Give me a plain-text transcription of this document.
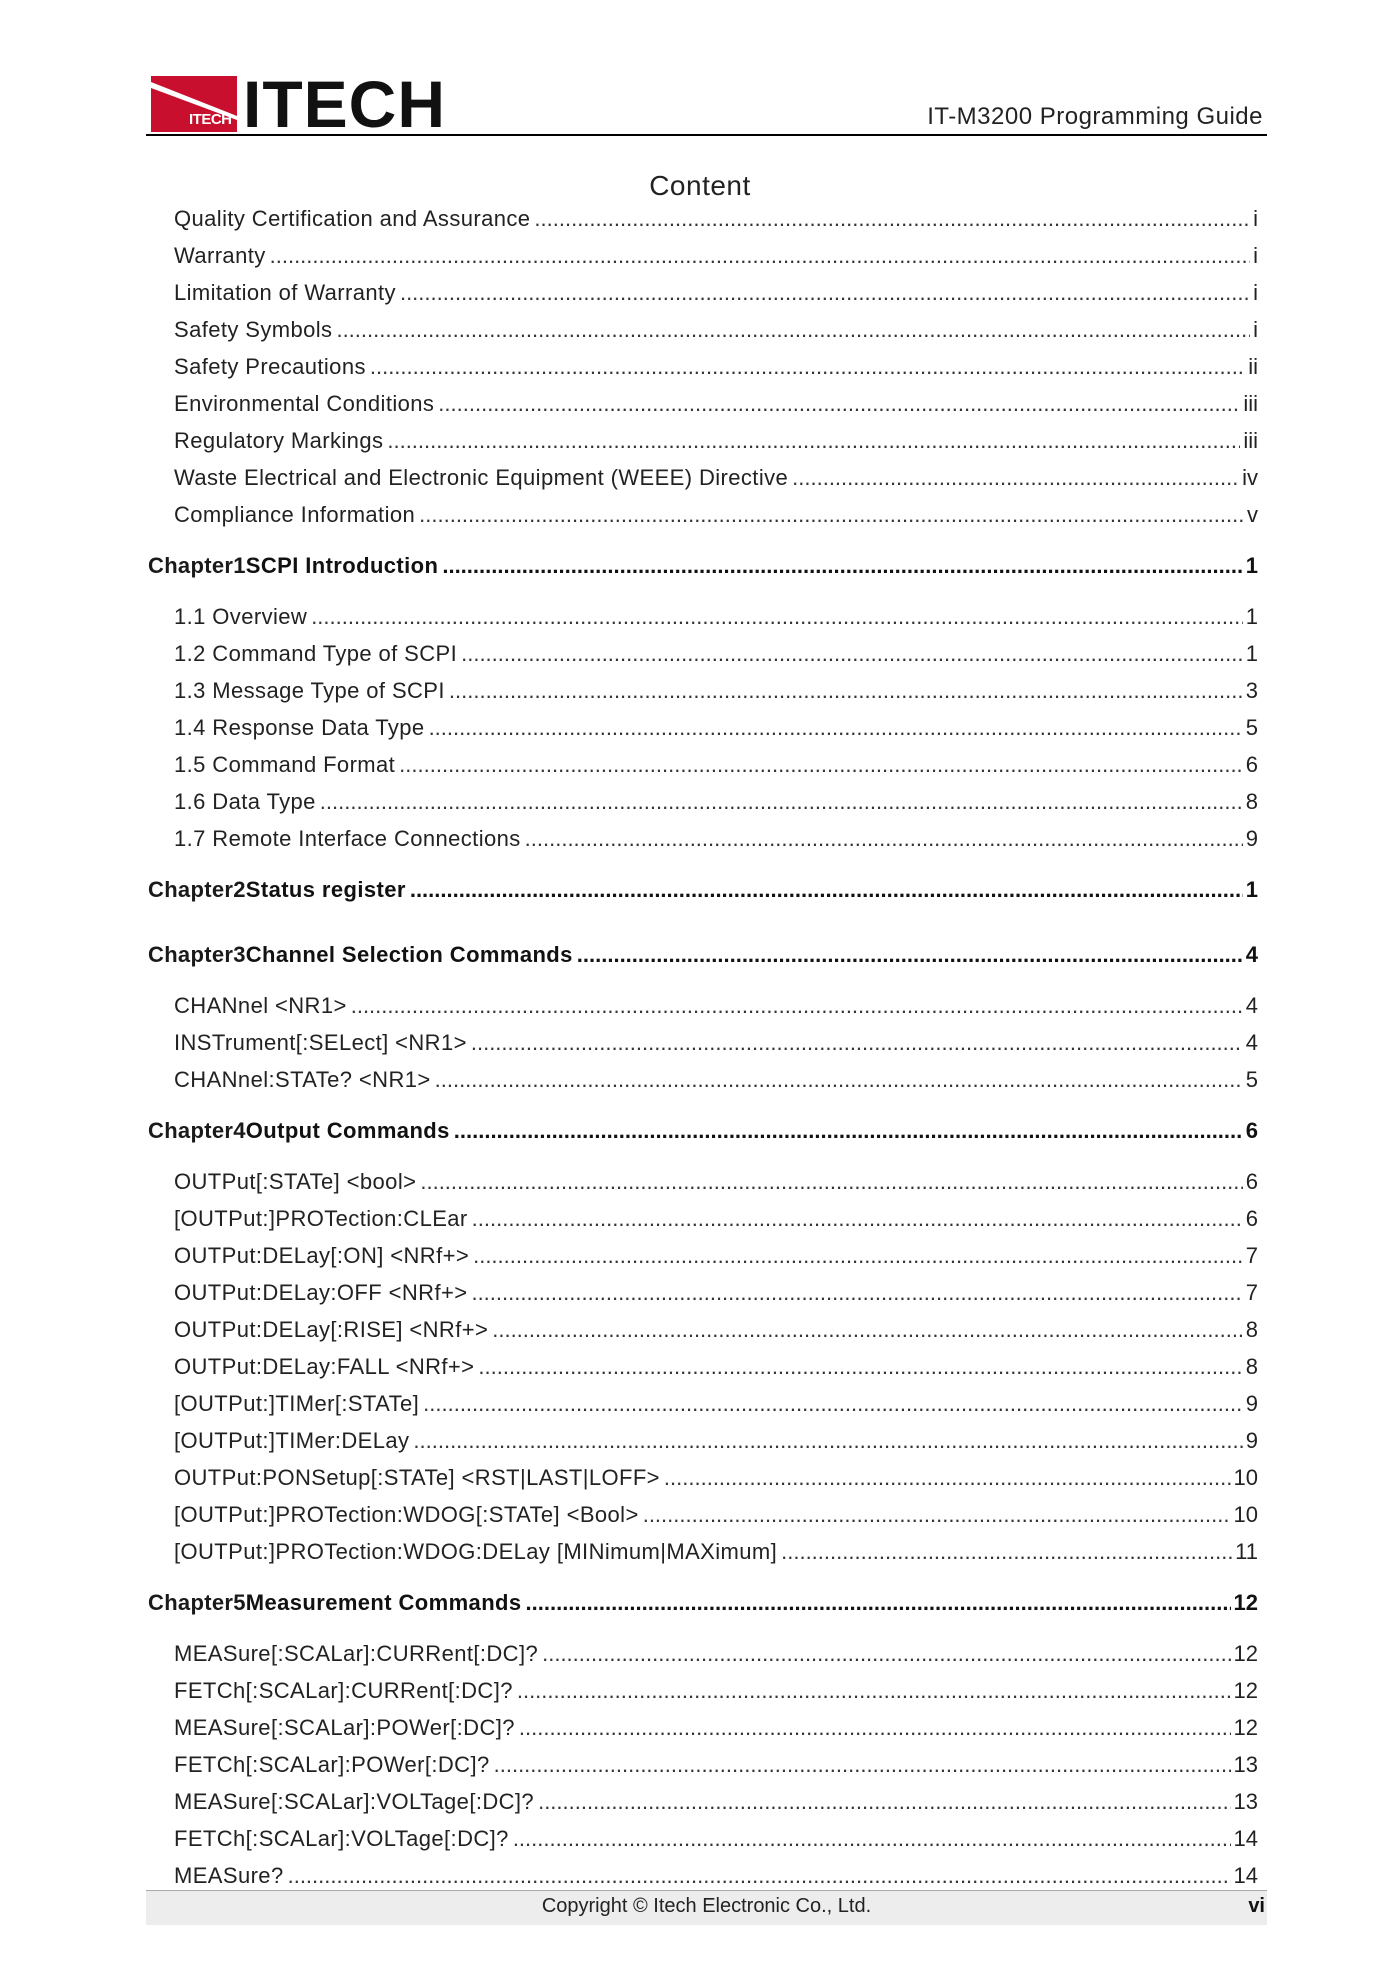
ITECH ITECH	IT-M3200 Programming Guide
Content
Quality Certification and Assurance .....	i
Warranty .....	i
Limitation of Warranty .....	i
Safety Symbols .....	i
Safety Precautions .....	ii
Environmental Conditions .....	iii
Regulatory Markings .....	iii
Waste Electrical and Electronic Equipment (WEEE) Directive .....	iv
Compliance Information .....	v
Chapter1 SCPI Introduction .....	1
1.1 Overview .....	1
1.2 Command Type of SCPI .....	1
1.3 Message Type of SCPI .....	3
1.4 Response Data Type .....	5
1.5 Command Format .....	6
1.6 Data Type .....	8
1.7 Remote Interface Connections .....	9
Chapter2 Status register .....	1
Chapter3 Channel Selection Commands .....	4
CHANnel <NR1> .....	4
INSTrument[:SELect] <NR1> .....	4
CHANnel:STATe? <NR1> .....	5
Chapter4 Output Commands .....	6
OUTPut[:STATe] <bool> .....	6
[OUTPut:]PROTection:CLEar .....	6
OUTPut:DELay[:ON] <NRf+> .....	7
OUTPut:DELay:OFF <NRf+> .....	7
OUTPut:DELay[:RISE] <NRf+> .....	8
OUTPut:DELay:FALL <NRf+> .....	8
[OUTPut:]TIMer[:STATe] .....	9
[OUTPut:]TIMer:DELay .....	9
OUTPut:PONSetup[:STATe] <RST|LAST|LOFF> .....	10
[OUTPut:]PROTection:WDOG[:STATe] <Bool> .....	10
[OUTPut:]PROTection:WDOG:DELay [MINimum|MAXimum] .....	11
Chapter5 Measurement Commands .....	12
MEASure[:SCALar]:CURRent[:DC]? .....	12
FETCh[:SCALar]:CURRent[:DC]? .....	12
MEASure[:SCALar]:POWer[:DC]? .....	12
FETCh[:SCALar]:POWer[:DC]? .....	13
MEASure[:SCALar]:VOLTage[:DC]? .....	13
FETCh[:SCALar]:VOLTage[:DC]? .....	14
MEASure? .....	14
Copyright © Itech Electronic Co., Ltd.	vi
